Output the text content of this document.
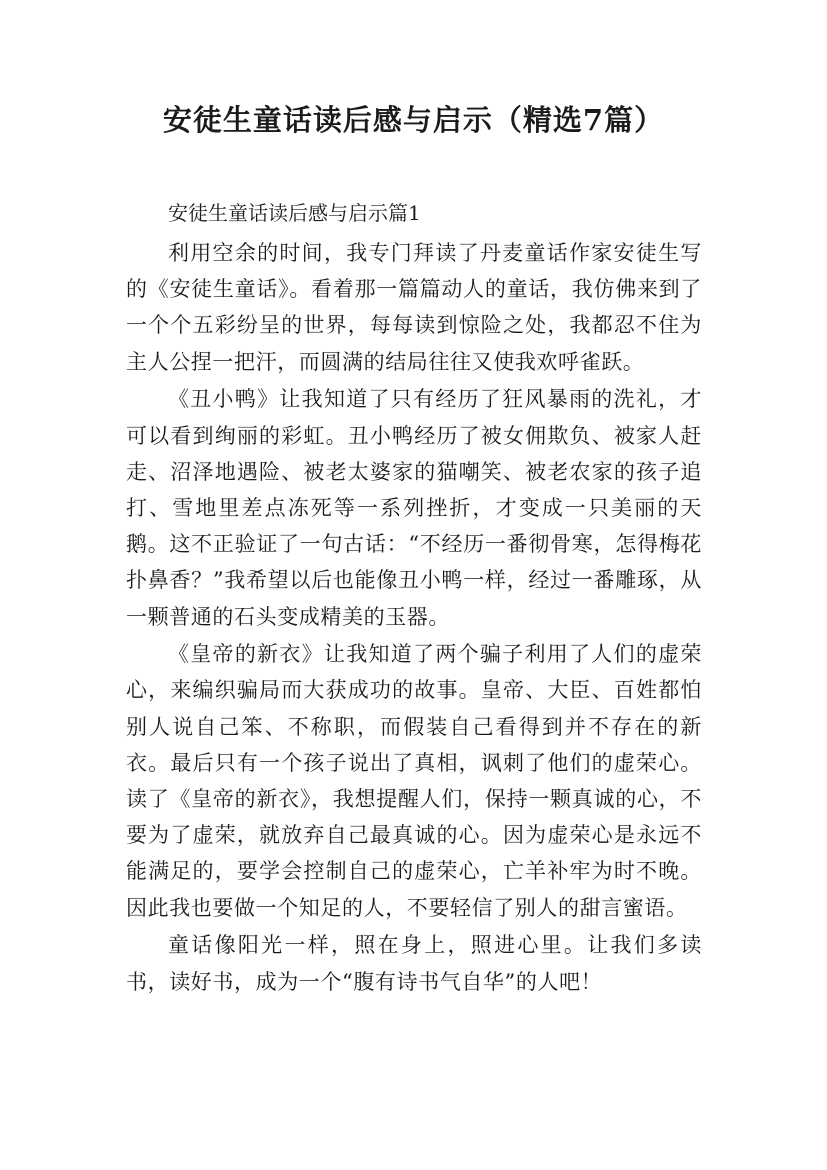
安徒生童话读后感与启示（精选7篇）

安徒生童话读后感与启示篇1

利用空余的时间，我专门拜读了丹麦童话作家安徒生写的《安徒生童话》。看着那一篇篇动人的童话，我仿佛来到了一个个五彩纷呈的世界，每每读到惊险之处，我都忍不住为主人公捏一把汗，而圆满的结局往往又使我欢呼雀跃。

《丑小鸭》让我知道了只有经历了狂风暴雨的洗礼，才可以看到绚丽的彩虹。丑小鸭经历了被女佣欺负、被家人赶走、沼泽地遇险、被老太婆家的猫嘲笑、被老农家的孩子追打、雪地里差点冻死等一系列挫折，才变成一只美丽的天鹅。这不正验证了一句古话：“不经历一番彻骨寒，怎得梅花扑鼻香？”我希望以后也能像丑小鸭一样，经过一番雕琢，从一颗普通的石头变成精美的玉器。

《皇帝的新衣》让我知道了两个骗子利用了人们的虚荣心，来编织骗局而大获成功的故事。皇帝、大臣、百姓都怕别人说自己笨、不称职，而假装自己看得到并不存在的新衣。最后只有一个孩子说出了真相，讽刺了他们的虚荣心。读了《皇帝的新衣》，我想提醒人们，保持一颗真诚的心，不要为了虚荣，就放弃自己最真诚的心。因为虚荣心是永远不能满足的，要学会控制自己的虚荣心，亡羊补牢为时不晚。因此我也要做一个知足的人，不要轻信了别人的甜言蜜语。

童话像阳光一样，照在身上，照进心里。让我们多读书，读好书，成为一个“腹有诗书气自华”的人吧！
